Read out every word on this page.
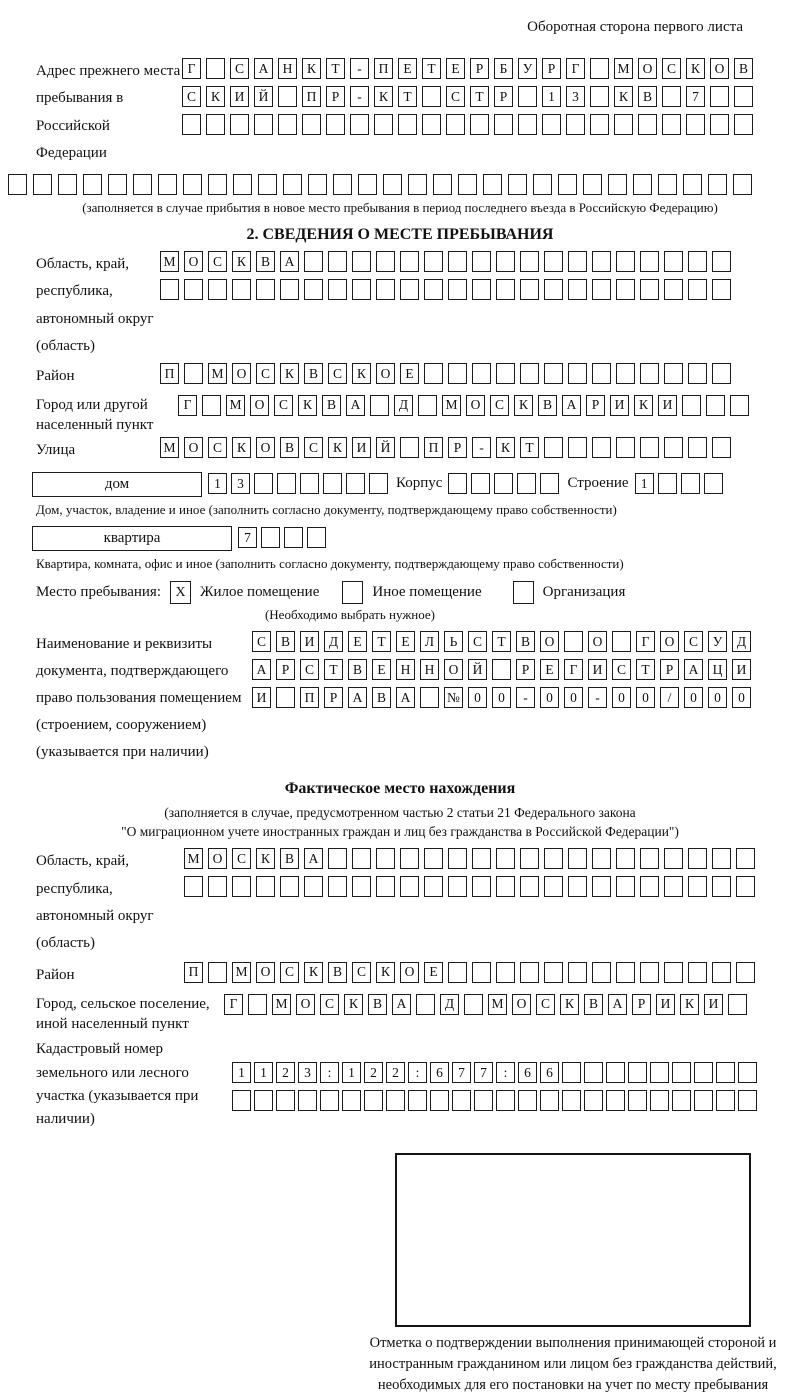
Оборотная сторона первого листа
Адрес прежнего места пребывания в Российской Федерации
Г	С	А	Н	К	Т	-	П	Е	Т	Е	Р	Б	У	Р	Г	М О	С	К	О	В
С	К	И	Й	П	Р	-	К	Т	С	Т	Р	1	3	К	В	7
(заполняется в случае прибытия в новое место пребывания в период последнего въезда в Российскую Федерацию)
2. СВЕДЕНИЯ О МЕСТЕ ПРЕБЫВАНИЯ
Область, край, республика, автономный округ (область)
М О	С	К	В	А
Район	П	М О	С	К	В	С	К	О	Е
Город или другой населенный пункт
Г	М О	С	К	В	А	Д	М О	С	К	В	А	Р	И	К	И
Улица	М О	С	К	О	В	С	К	И	Й	П	Р	-	К	Т
дом	1	3	Корпус	Строение 1
Дом, участок, владение и иное (заполнить согласно документу, подтверждающему право собственности)
квартира	7
Квартира, комната, офис и иное (заполнить согласно документу, подтверждающему право собственности)
Место пребывания:	X Жилое помещение	Иное помещение	Организация
(Необходимо выбрать нужное)
Наименование и реквизиты документа, подтверждающего право пользования помещением (строением, сооружением) (указывается при наличии)
С	В	И	Д	Е	Т	Е	Л	Ь	С	Т	В	О	О	Г	О	С	У	Д
А	Р	С	Т	В	Е	Н	Н	О	Й	Р	Е	Г	И	С	Т	Р	А	Ц	И
И	П	Р	А	В	А	№	0	0	-	0	0	-	0	0	/	0	0	0
Фактическое место нахождения
(заполняется в случае, предусмотренном частью 2 статьи 21 Федерального закона
"О миграционном учете иностранных граждан и лиц без гражданства в Российской Федерации")
Область, край, республика, автономный округ (область)
М О	С	К	В	А
Район	П	М О	С	К	В	С	К	О	Е
Город, сельское поселение, иной населенный пункт
Г	М О	С	К	В	А	Д	М О	С	К	В	А	Р	И	К	И
Кадастровый номер земельного или лесного участка (указывается при наличии)
1	1	2	3	:	1	2	2	:	6	7	7	:	6	6
Отметка о подтверждении выполнения принимающей стороной и иностранным гражданином или лицом без гражданства действий, необходимых для его постановки на учет по месту пребывания
